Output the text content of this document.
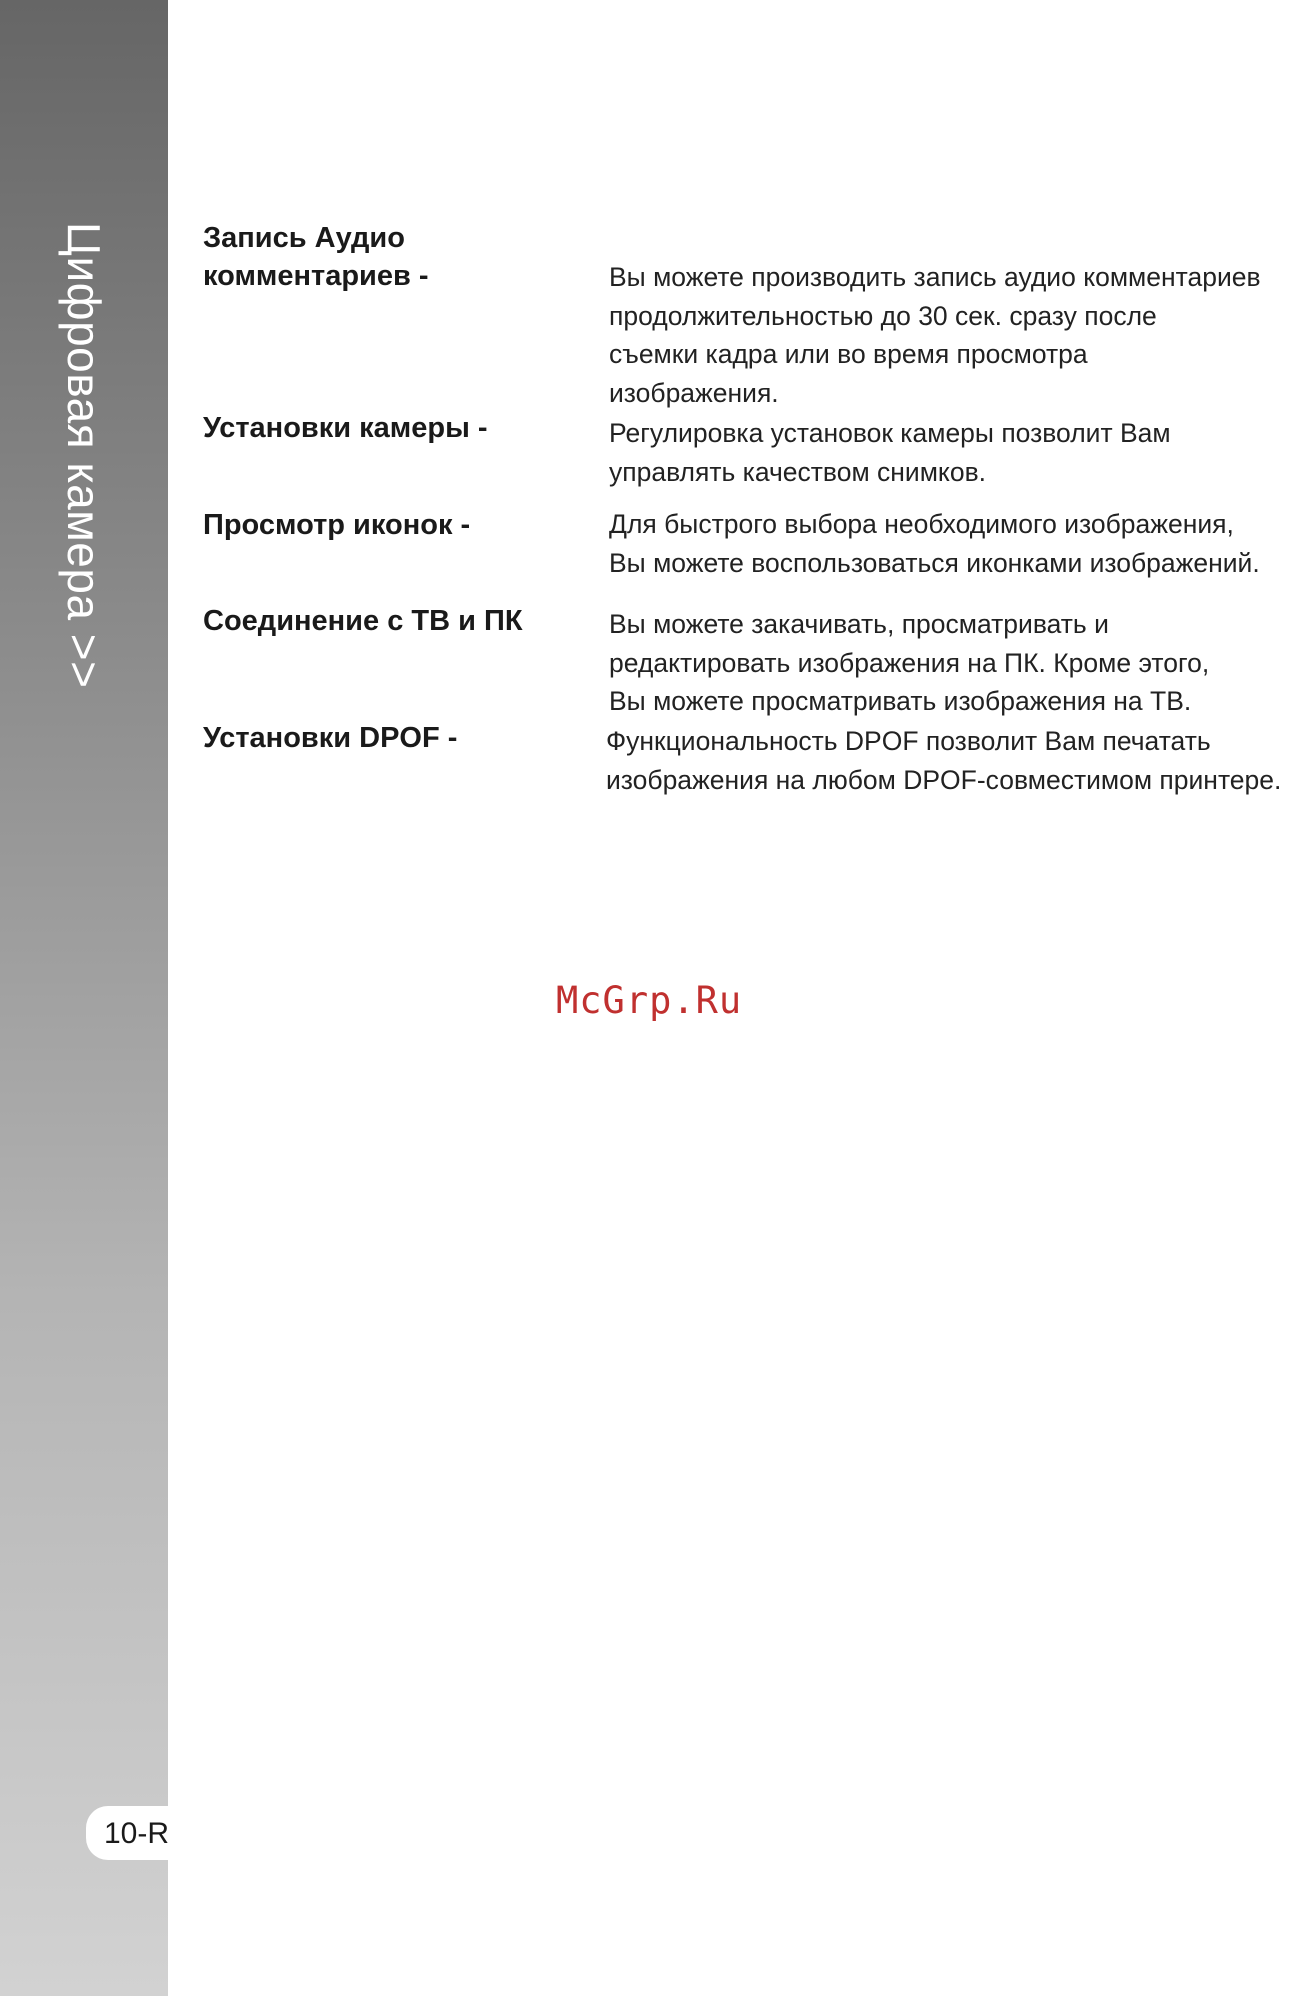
Цифровая камера >>
10-R
Запись Аудио
комментариев -	Вы можете производить запись аудио комментариев
продолжительностью до 30 сек. сразу после
съемки кадра или во время просмотра
изображения.
Установки камеры -	Регулировка установок камеры позволит Вам
управлять качеством снимков.
Просмотр иконок -	Для быстрого выбора необходимого изображения,
Вы можете воспользоваться иконками изображений.
Соединение с ТВ и ПК	Вы можете закачивать, просматривать и
редактировать изображения на ПК. Кроме этого,
Вы можете просматривать изображения на ТВ.
Установки DPOF -	Функциональность DPOF позволит Вам печатать
изображения на любом DPOF-совместимом принтере.
McGrp.Ru
